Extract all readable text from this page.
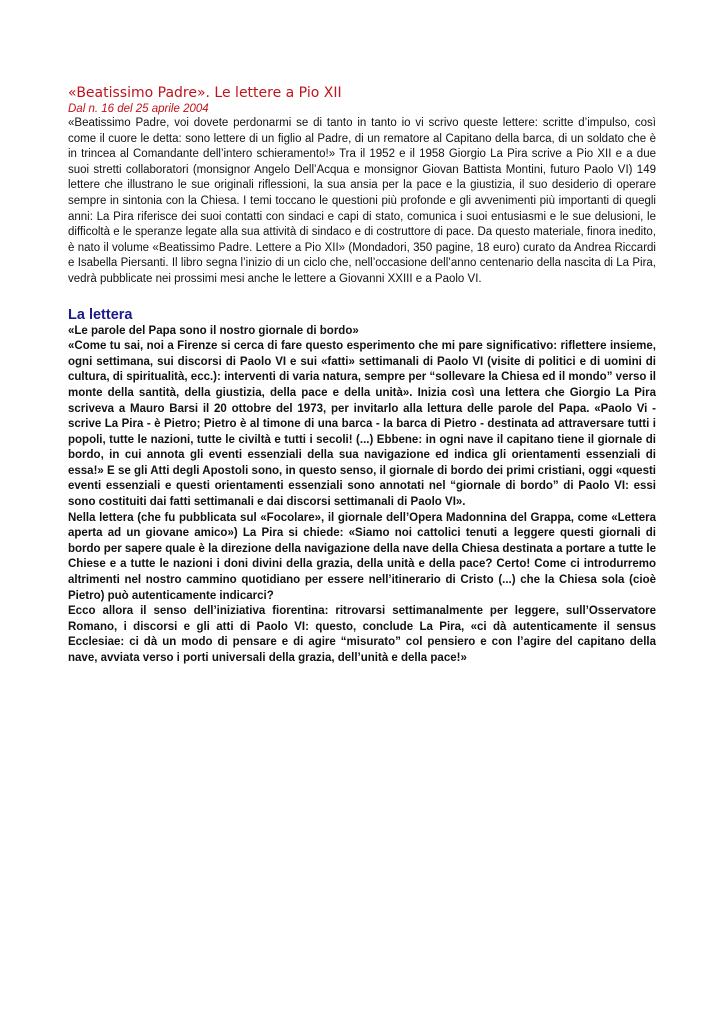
«Beatissimo Padre». Le lettere a Pio XII

Dal n. 16 del 25 aprile 2004

«Beatissimo Padre, voi dovete perdonarmi se di tanto in tanto io vi scrivo queste lettere: scritte d’impulso, così come il cuore le detta: sono lettere di un figlio al Padre, di un rematore al Capitano della barca, di un soldato che è in trincea al Comandante dell’intero schieramento!» Tra il 1952 e il 1958 Giorgio La Pira scrive a Pio XII e a due suoi stretti collaboratori (monsignor Angelo Dell’Acqua e monsignor Giovan Battista Montini, futuro Paolo VI) 149 lettere che illustrano le sue originali riflessioni, la sua ansia per la pace e la giustizia, il suo desiderio di operare sempre in sintonia con la Chiesa. I temi toccano le questioni più profonde e gli avvenimenti più importanti di quegli anni: La Pira riferisce dei suoi contatti con sindaci e capi di stato, comunica i suoi entusiasmi e le sue delusioni, le difficoltà e le speranze legate alla sua attività di sindaco e di costruttore di pace. Da questo materiale, finora inedito, è nato il volume «Beatissimo Padre. Lettere a Pio XII» (Mondadori, 350 pagine, 18 euro) curato da Andrea Riccardi e Isabella Piersanti. Il libro segna l’inizio di un ciclo che, nell’occasione dell’anno centenario della nascita di La Pira, vedrà pubblicate nei prossimi mesi anche le lettere a Giovanni XXIII e a Paolo VI.

La lettera

«Le parole del Papa sono il nostro giornale di bordo»

«Come tu sai, noi a Firenze si cerca di fare questo esperimento che mi pare significativo: riflettere insieme, ogni settimana, sui discorsi di Paolo VI e sui «fatti» settimanali di Paolo VI (visite di politici e di uomini di cultura, di spiritualità, ecc.): interventi di varia natura, sempre per “sollevare la Chiesa ed il mondo” verso il monte della santità, della giustizia, della pace e della unità». Inizia così una lettera che Giorgio La Pira scriveva a Mauro Barsi il 20 ottobre del 1973, per invitarlo alla lettura delle parole del Papa. «Paolo Vi - scrive La Pira - è Pietro; Pietro è al timone di una barca - la barca di Pietro - destinata ad attraversare tutti i popoli, tutte le nazioni, tutte le civiltà e tutti i secoli! (...) Ebbene: in ogni nave il capitano tiene il giornale di bordo, in cui annota gli eventi essenziali della sua navigazione ed indica gli orientamenti essenziali di essa!» E se gli Atti degli Apostoli sono, in questo senso, il giornale di bordo dei primi cristiani, oggi «questi eventi essenziali e questi orientamenti essenziali sono annotati nel “giornale di bordo” di Paolo VI: essi sono costituiti dai fatti settimanali e dai discorsi settimanali di Paolo VI».

Nella lettera (che fu pubblicata sul «Focolare», il giornale dell’Opera Madonnina del Grappa, come «Lettera aperta ad un giovane amico») La Pira si chiede: «Siamo noi cattolici tenuti a leggere questi giornali di bordo per sapere quale è la direzione della navigazione della nave della Chiesa destinata a portare a tutte le Chiese e a tutte le nazioni i doni divini della grazia, della unità e della pace? Certo! Come ci introdurremo altrimenti nel nostro cammino quotidiano per essere nell’itinerario di Cristo (...) che la Chiesa sola (cioè Pietro) può autenticamente indicarci?

Ecco allora il senso dell’iniziativa fiorentina: ritrovarsi settimanalmente per leggere, sull’Osservatore Romano, i discorsi e gli atti di Paolo VI: questo, conclude La Pira, «ci dà autenticamente il sensus Ecclesiae: ci dà un modo di pensare e di agire “misurato” col pensiero e con l’agire del capitano della nave, avviata verso i porti universali della grazia, dell’unità e della pace!»
